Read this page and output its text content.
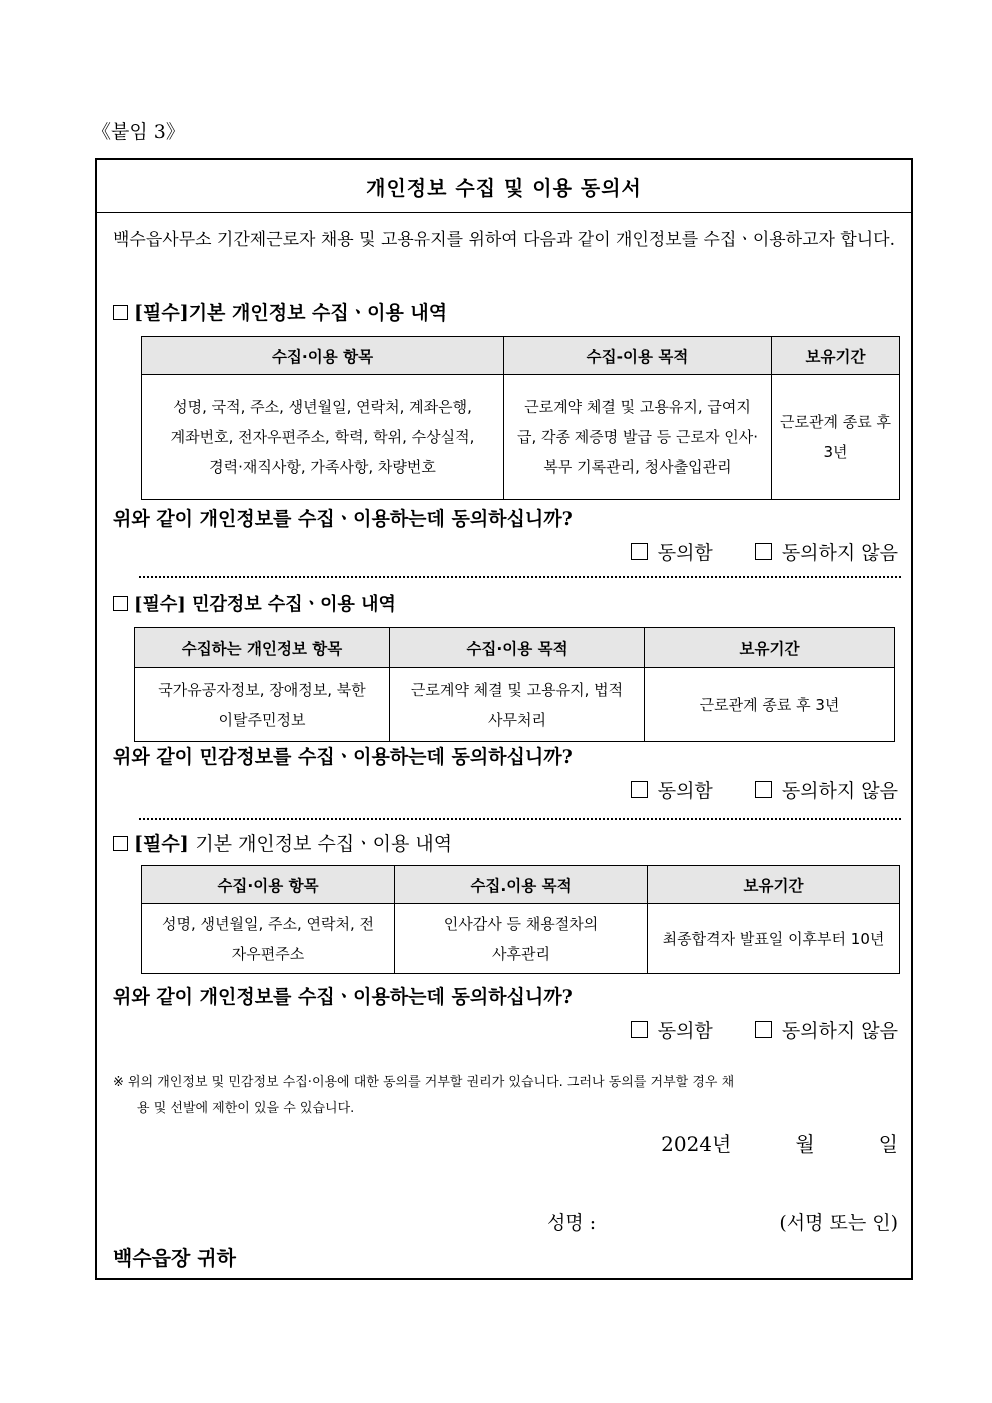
《붙임 3》
개인정보 수집 및 이용 동의서
백수읍사무소 기간제근로자 채용 및 고용유지를 위하여 다음과 같이 개인정보를 수집ㆍ이용하고자 합니다.
[필수]기본 개인정보 수집ㆍ이용 내역
수집·이용 항목	수집-이용 목적	보유기간
성명, 국적, 주소, 생년월일, 연락처, 계좌은행, 계좌번호, 전자우편주소, 학력, 학위, 수상실적, 경력·재직사항, 가족사항, 차량번호	근로계약 체결 및 고용유지, 급여지급, 각종 제증명 발급 등 근로자 인사·복무 기록관리, 청사출입관리	근로관계 종료 후 3년
위와 같이 개인정보를 수집ㆍ이용하는데 동의하십니까?
동의함	동의하지 않음
[필수] 민감정보 수집ㆍ이용 내역
수집하는 개인정보 항목	수집·이용 목적	보유기간
국가유공자정보, 장애정보, 북한이탈주민정보	근로계약 체결 및 고용유지, 법적사무처리	근로관계 종료 후 3년
위와 같이 민감정보를 수집ㆍ이용하는데 동의하십니까?
동의함	동의하지 않음
[필수] 기본 개인정보 수집ㆍ이용 내역
수집·이용 항목	수집.이용 목적	보유기간
성명, 생년월일, 주소, 연락처, 전자우편주소	인사감사 등 채용절차의 사후관리	최종합격자 발표일 이후부터 10년
위와 같이 개인정보를 수집ㆍ이용하는데 동의하십니까?
동의함	동의하지 않음
※ 위의 개인정보 및 민감정보 수집·이용에 대한 동의를 거부할 권리가 있습니다. 그러나 동의를 거부할 경우 채
용 및 선발에 제한이 있을 수 있습니다.
2024년	월	일
성명 :	(서명 또는 인)
백수읍장 귀하
